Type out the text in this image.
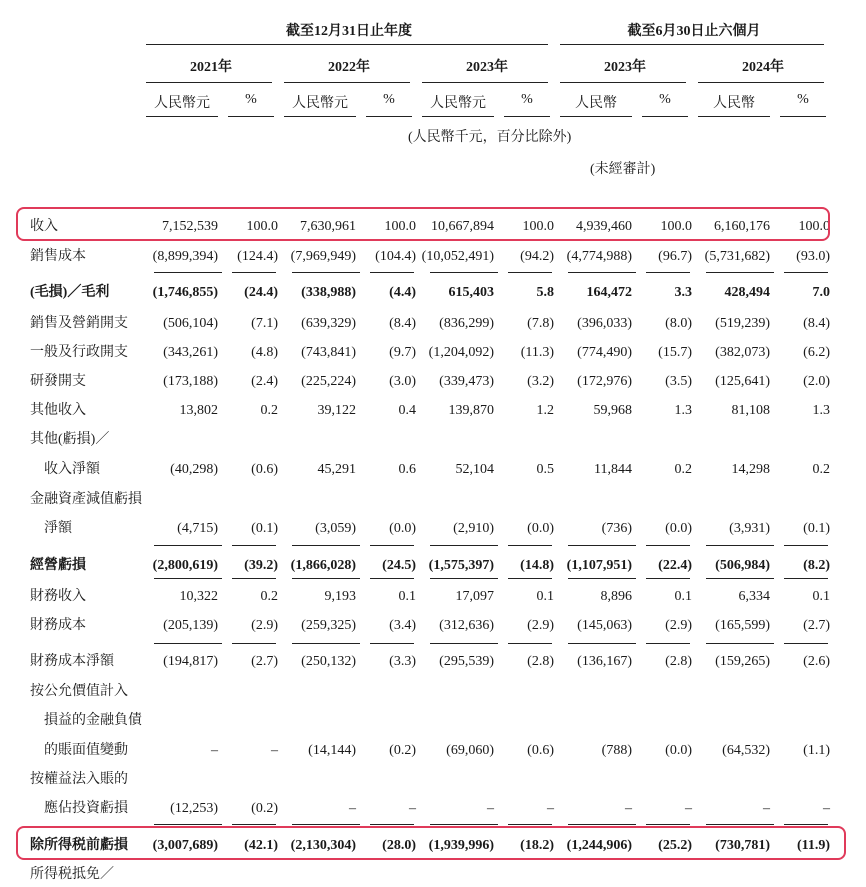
截至12月31日止年度	截至6月30日止六個月
2021年	2022年	2023年	2023年	2024年
人民幣元	%	人民幣元	%	人民幣元	%	人民幣	%	人民幣	%
(人民幣千元，百分比除外)
(未經審計)
收入	7,152,539	100.0	7,630,961	100.0	10,667,894	100.0	4,939,460	100.0	6,160,176	100.0
銷售成本	(8,899,394)	(124.4) (7,969,949)	(104.4) (10,052,491)	(94.2) (4,774,988)	(96.7) (5,731,682)	(93.0)
(毛損)／毛利	(1,746,855)	(24.4)	(338,988)	(4.4)	615,403	5.8	164,472	3.3	428,494	7.0
銷售及營銷開支	(506,104)	(7.1)	(639,329)	(8.4)	(836,299)	(7.8)	(396,033)	(8.0)	(519,239)	(8.4)
一般及行政開支	(343,261)	(4.8)	(743,841)	(9.7) (1,204,092)	(11.3)	(774,490)	(15.7)	(382,073)	(6.2)
研發開支	(173,188)	(2.4)	(225,224)	(3.0)	(339,473)	(3.2)	(172,976)	(3.5)	(125,641)	(2.0)
其他收入	13,802	0.2	39,122	0.4	139,870	1.2	59,968	1.3	81,108	1.3
其他(虧損)／
收入淨額	(40,298)	(0.6)	45,291	0.6	52,104	0.5	11,844	0.2	14,298	0.2
金融資產減值虧損
淨額	(4,715)	(0.1)	(3,059)	(0.0)	(2,910)	(0.0)	(736)	(0.0)	(3,931)	(0.1)
經營虧損	(2,800,619)	(39.2) (1,866,028)	(24.5) (1,575,397)	(14.8) (1,107,951)	(22.4)	(506,984)	(8.2)
財務收入	10,322	0.2	9,193	0.1	17,097	0.1	8,896	0.1	6,334	0.1
財務成本	(205,139)	(2.9)	(259,325)	(3.4)	(312,636)	(2.9)	(145,063)	(2.9)	(165,599)	(2.7)
財務成本淨額	(194,817)	(2.7)	(250,132)	(3.3)	(295,539)	(2.8)	(136,167)	(2.8)	(159,265)	(2.6)
按公允價值計入
損益的金融負債
的賬面值變動	–	–	(14,144)	(0.2)	(69,060)	(0.6)	(788)	(0.0)	(64,532)	(1.1)
按權益法入賬的
應佔投資虧損	(12,253)	(0.2)	–	–	–	–	–	–	–	–
除所得税前虧損	(3,007,689)	(42.1) (2,130,304)	(28.0) (1,939,996)	(18.2) (1,244,906)	(25.2)	(730,781)	(11.9)
所得税抵免／
